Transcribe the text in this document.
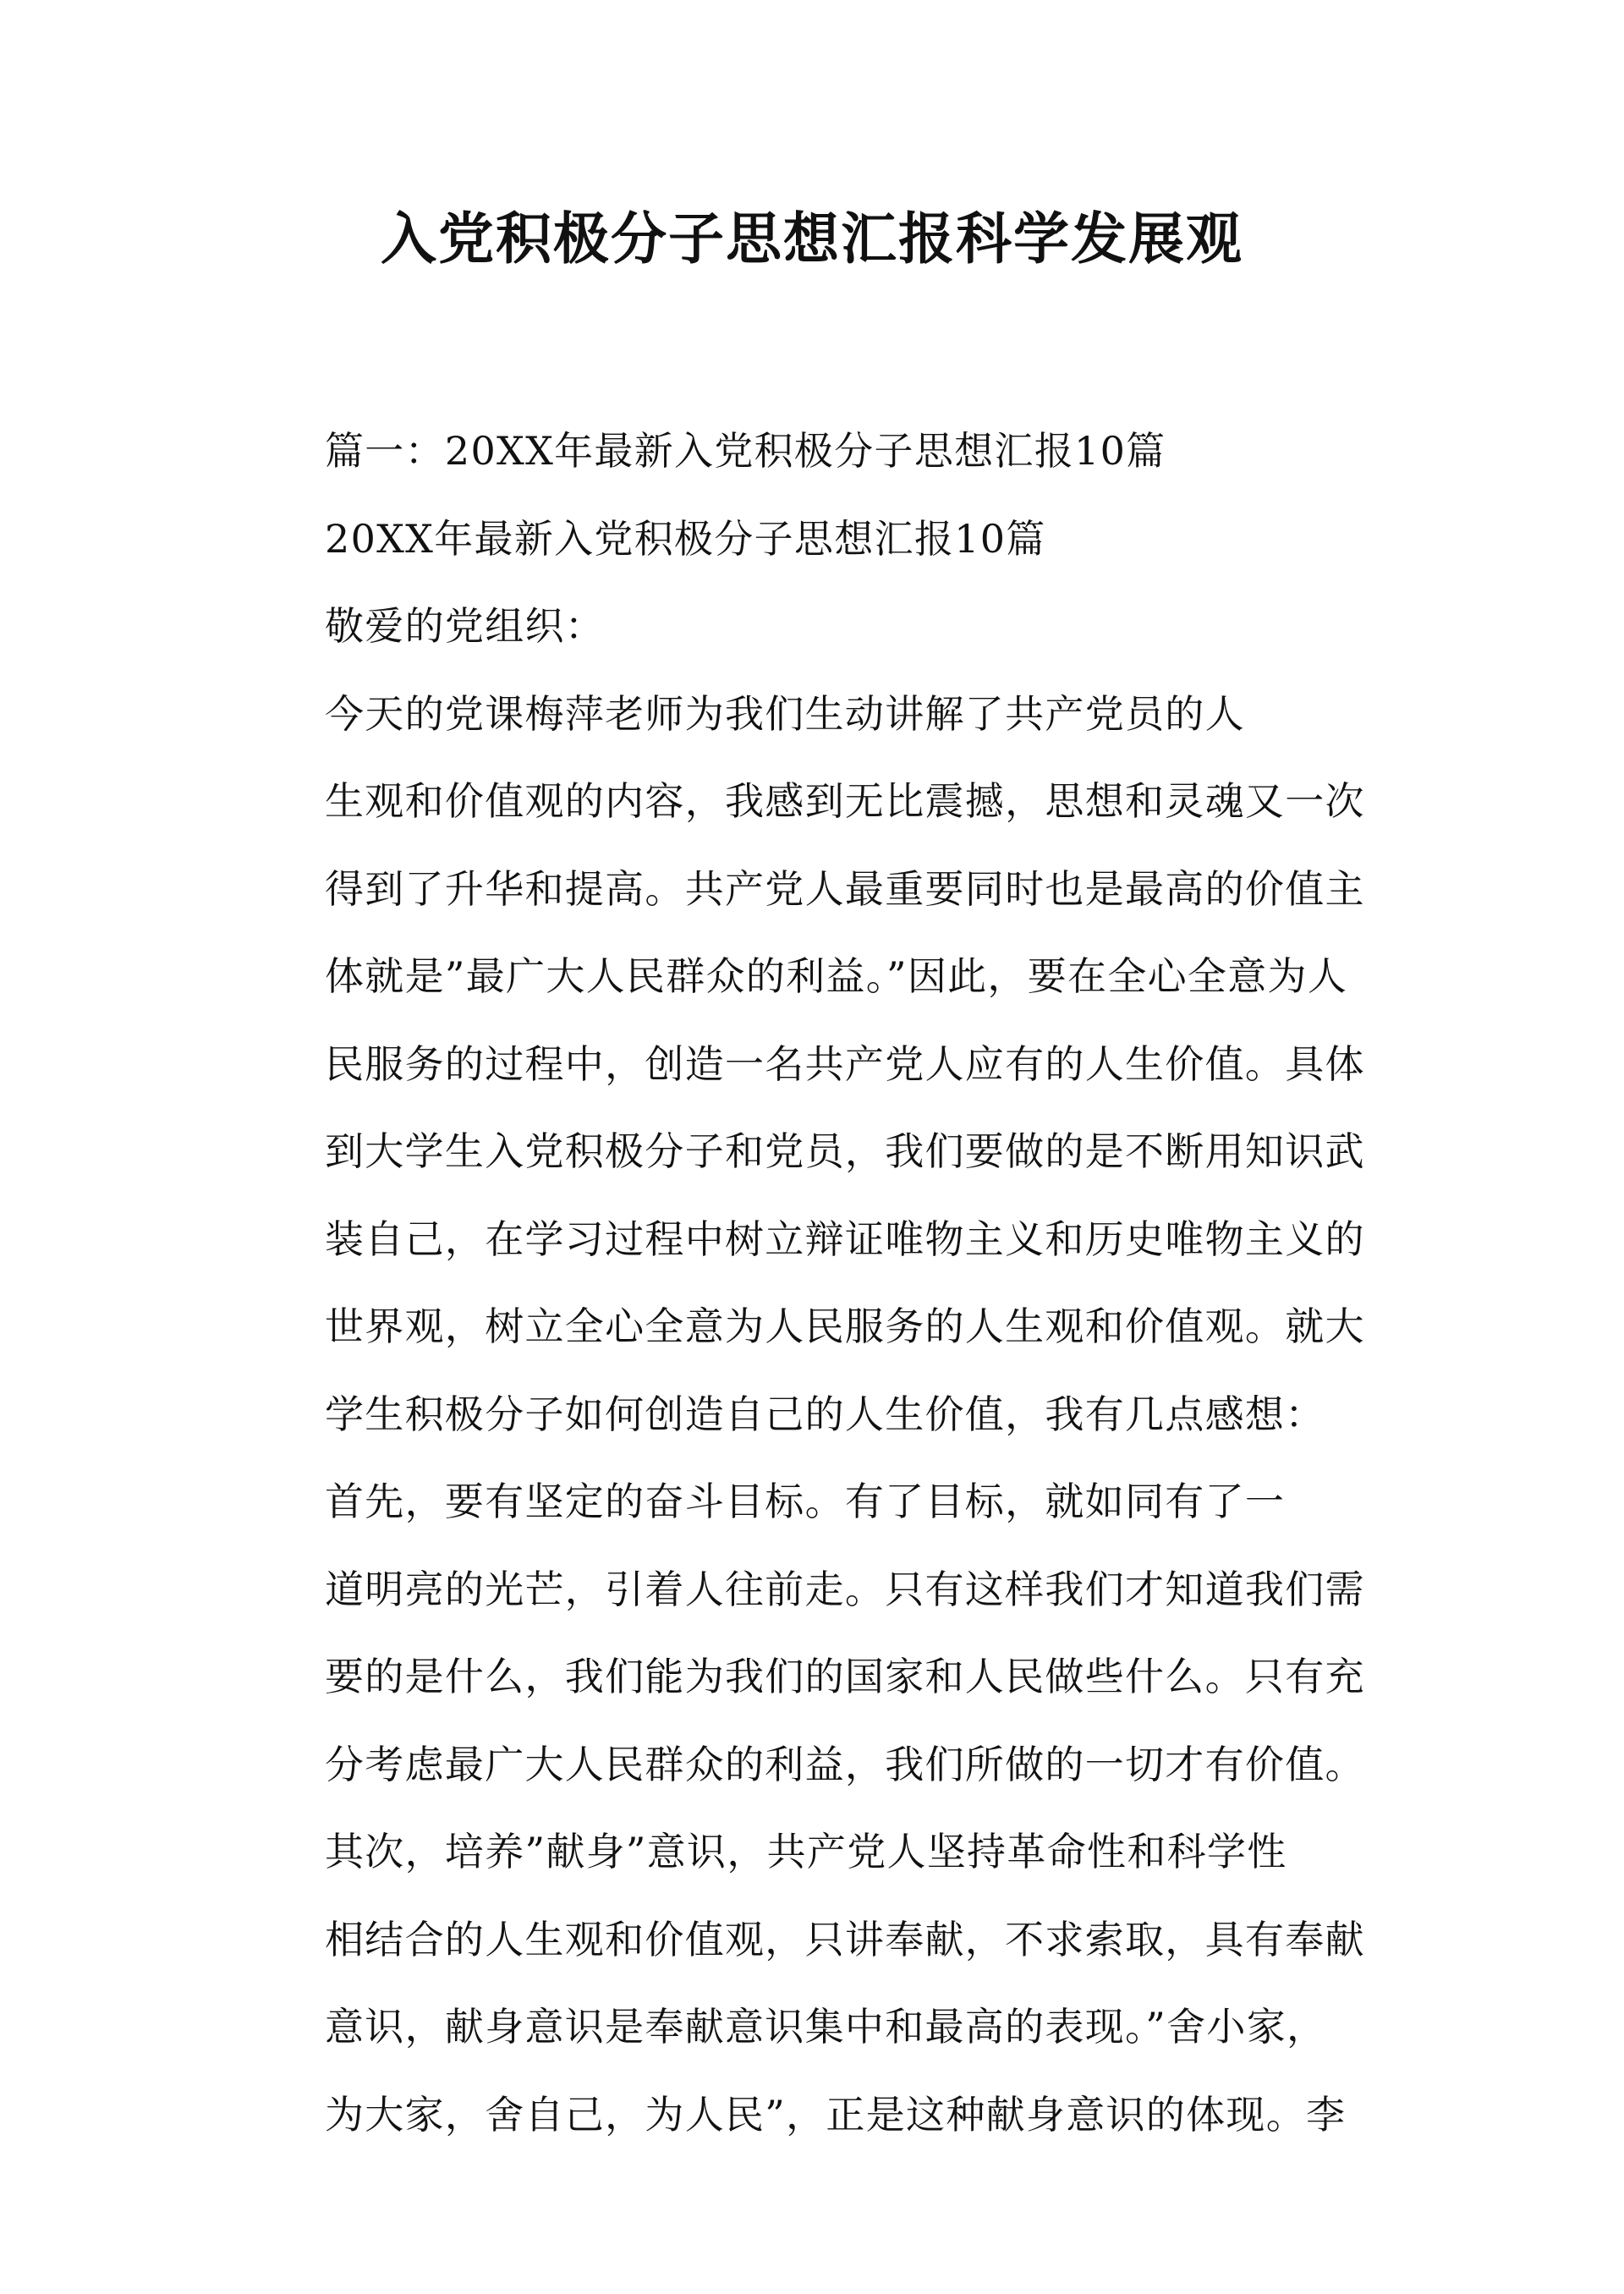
入党积极分子思想汇报科学发展观

篇一：20XX年最新入党积极分子思想汇报10篇

20XX年最新入党积极分子思想汇报10篇

敬爱的党组织：

今天的党课梅萍老师为我们生动讲解了共产党员的人
生观和价值观的内容，我感到无比震撼，思想和灵魂又一次
得到了升华和提高。共产党人最重要同时也是最高的价值主
体就是”最广大人民群众的利益。”因此，要在全心全意为人
民服务的过程中，创造一名共产党人应有的人生价值。具体
到大学生入党积极分子和党员，我们要做的是不断用知识武
装自己，在学习过程中树立辩证唯物主义和历史唯物主义的
世界观，树立全心全意为人民服务的人生观和价值观。就大
学生积极分子如何创造自己的人生价值，我有几点感想：

首先，要有坚定的奋斗目标。有了目标，就如同有了一
道明亮的光芒，引着人往前走。只有这样我们才知道我们需
要的是什么，我们能为我们的国家和人民做些什么。只有充
分考虑最广大人民群众的利益，我们所做的一切才有价值。

其次，培养”献身”意识，共产党人坚持革命性和科学性
相结合的人生观和价值观，只讲奉献，不求索取，具有奉献
意识，献身意识是奉献意识集中和最高的表现。”舍小家，
为大家，舍自己，为人民”，正是这种献身意识的体现。李
